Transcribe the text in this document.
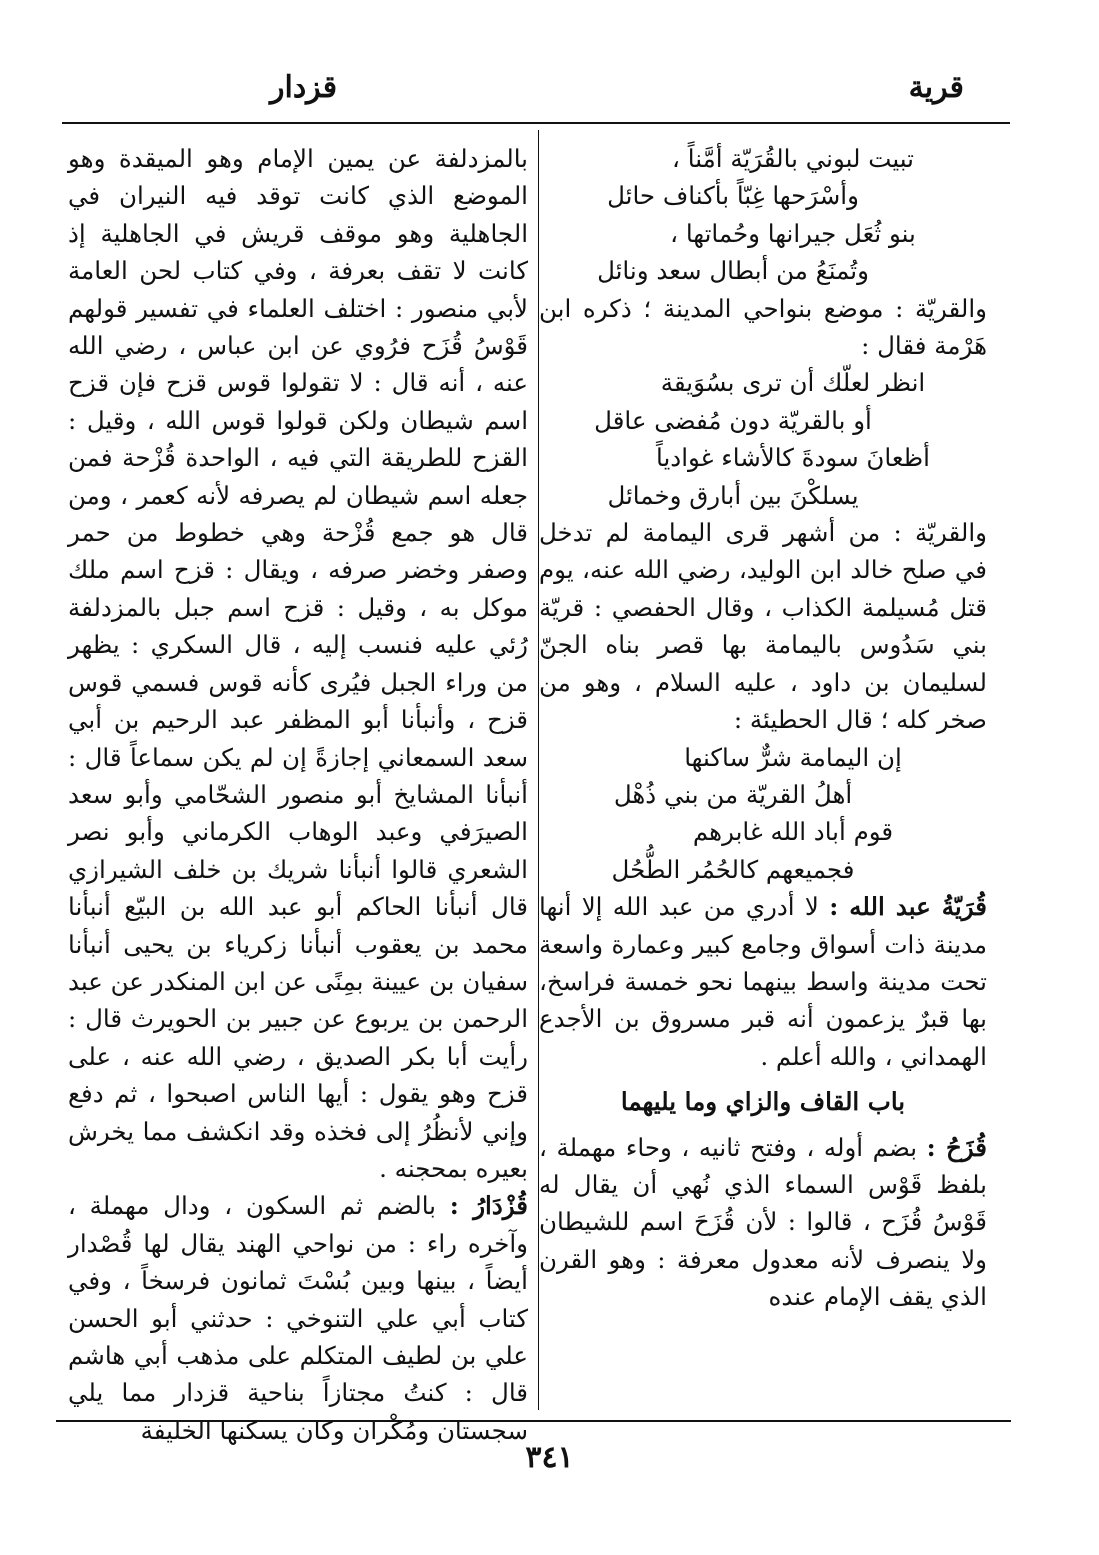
قرية
قزدار
تبيت لبوني بالقُرَيّة أمَّناً ،
وأسْرَحها غِبّاً بأكناف حائل
بنو ثُعَل جيرانها وحُماتها ،
وتُمنَعُ من أبطال سعد ونائل

والقريّة : موضع بنواحي المدينة ؛ ذكره ابن هَرْمة فقال :

انظر لعلّك أن ترى بسُوَيقة
أو بالقريّة دون مُفضى عاقل
أظعانَ سودةَ كالأشاء غوادياً
يسلكْنَ بين أبارق وخمائل

والقريّة : من أشهر قرى اليمامة لم تدخل في صلح خالد ابن الوليد، رضي الله عنه، يوم قتل مُسيلمة الكذاب ، وقال الحفصي : قريّة بني سَدُوس باليمامة بها قصر بناه الجنّ لسليمان بن داود ، عليه السلام ، وهو من صخر كله ؛ قال الحطيئة :

إن اليمامة شرٌّ ساكنها
أهلُ القريّة من بني ذُهْل
قوم أباد الله غابرهم
فجميعهم كالحُمُر الطُّحُل

قُرَيّةُ عبد الله : لا أدري من عبد الله إلا أنها مدينة ذات أسواق وجامع كبير وعمارة واسعة تحت مدينة واسط بينهما نحو خمسة فراسخ، بها قبرٌ يزعمون أنه قبر مسروق بن الأجدع الهمداني ، والله أعلم .

باب القاف والزاي وما يليهما

قُزَحُ : بضم أوله ، وفتح ثانيه ، وحاء مهملة ، بلفظ قَوْس السماء الذي نُهي أن يقال له قَوْسُ قُزَح ، قالوا : لأن قُزَحَ اسم للشيطان ولا ينصرف لأنه معدول معرفة : وهو القرن الذي يقف الإمام عنده

بالمزدلفة عن يمين الإمام وهو الميقدة وهو الموضع الذي كانت توقد فيه النيران في الجاهلية وهو موقف قريش في الجاهلية إذ كانت لا تقف بعرفة ، وفي كتاب لحن العامة لأبي منصور : اختلف العلماء في تفسير قولهم قَوْسُ قُزَح فرُوي عن ابن عباس ، رضي الله عنه ، أنه قال : لا تقولوا قوس قزح فإن قزح اسم شيطان ولكن قولوا قوس الله ، وقيل : القزح للطريقة التي فيه ، الواحدة قُزْحة فمن جعله اسم شيطان لم يصرفه لأنه كعمر ، ومن قال هو جمع قُزْحة وهي خطوط من حمر وصفر وخضر صرفه ، ويقال : قزح اسم ملك موكل به ، وقيل : قزح اسم جبل بالمزدلفة رُئي عليه فنسب إليه ، قال السكري : يظهر من وراء الجبل فيُرى كأنه قوس فسمي قوس قزح ، وأنبأنا أبو المظفر عبد الرحيم بن أبي سعد السمعاني إجازةً إن لم يكن سماعاً قال : أنبأنا المشايخ أبو منصور الشحّامي وأبو سعد الصيرَفي وعبد الوهاب الكرماني وأبو نصر الشعري قالوا أنبأنا شريك بن خلف الشيرازي قال أنبأنا الحاكم أبو عبد الله بن البيّع أنبأنا محمد بن يعقوب أنبأنا زكرياء بن يحيى أنبأنا سفيان بن عيينة بمِنًى عن ابن المنكدر عن عبد الرحمن بن يربوع عن جبير بن الحويرث قال : رأيت أبا بكر الصديق ، رضي الله عنه ، على قزح وهو يقول : أيها الناس اصبحوا ، ثم دفع وإني لأنظُرُ إلى فخذه وقد انكشف مما يخرش بعيره بمحجنه .

قُزْدَارُ : بالضم ثم السكون ، ودال مهملة ، وآخره راء : من نواحي الهند يقال لها قُصْدار أيضاً ، بينها وبين بُسْتَ ثمانون فرسخاً ، وفي كتاب أبي علي التنوخي : حدثني أبو الحسن علي بن لطيف المتكلم على مذهب أبي هاشم قال : كنتُ مجتازاً بناحية قزدار مما يلي سجستان ومُكْران وكان يسكنها الخليفة

٣٤١
